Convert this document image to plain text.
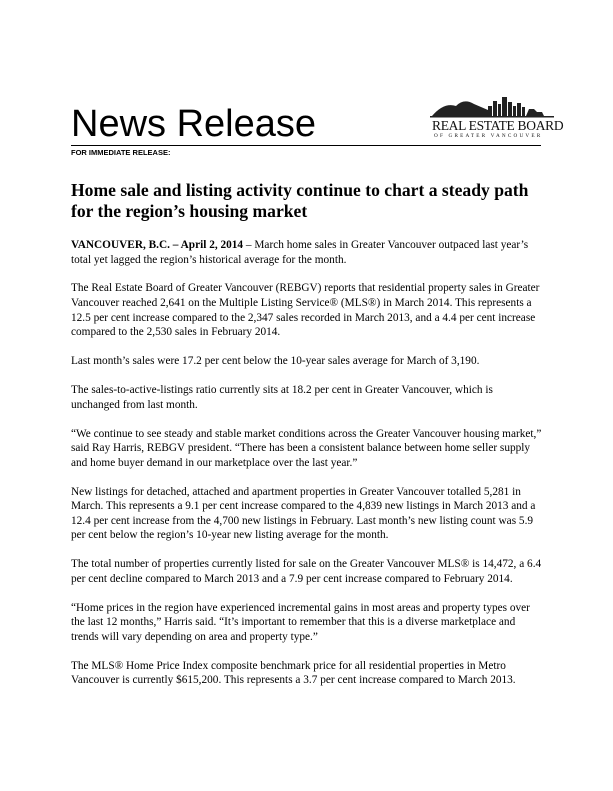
News Release	REAL ESTATE BOARD
OF GREATER VANCOUVER
FOR IMMEDIATE RELEASE:
Home sale and listing activity continue to chart a steady path for the region’s housing market

VANCOUVER, B.C. – April 2, 2014 – March home sales in Greater Vancouver outpaced last year’s total yet lagged the region’s historical average for the month.

The Real Estate Board of Greater Vancouver (REBGV) reports that residential property sales in Greater Vancouver reached 2,641 on the Multiple Listing Service® (MLS®) in March 2014. This represents a 12.5 per cent increase compared to the 2,347 sales recorded in March 2013, and a 4.4 per cent increase compared to the 2,530 sales in February 2014.

Last month’s sales were 17.2 per cent below the 10-year sales average for March of 3,190.

The sales-to-active-listings ratio currently sits at 18.2 per cent in Greater Vancouver, which is unchanged from last month.

“We continue to see steady and stable market conditions across the Greater Vancouver housing market,” said Ray Harris, REBGV president. “There has been a consistent balance between home seller supply and home buyer demand in our marketplace over the last year.”

New listings for detached, attached and apartment properties in Greater Vancouver totalled 5,281 in March. This represents a 9.1 per cent increase compared to the 4,839 new listings in March 2013 and a 12.4 per cent increase from the 4,700 new listings in February. Last month’s new listing count was 5.9 per cent below the region’s 10-year new listing average for the month.

The total number of properties currently listed for sale on the Greater Vancouver MLS® is 14,472, a 6.4 per cent decline compared to March 2013 and a 7.9 per cent increase compared to February 2014.

“Home prices in the region have experienced incremental gains in most areas and property types over the last 12 months,” Harris said. “It’s important to remember that this is a diverse marketplace and trends will vary depending on area and property type.”

The MLS® Home Price Index composite benchmark price for all residential properties in Metro Vancouver is currently $615,200. This represents a 3.7 per cent increase compared to March 2013.
